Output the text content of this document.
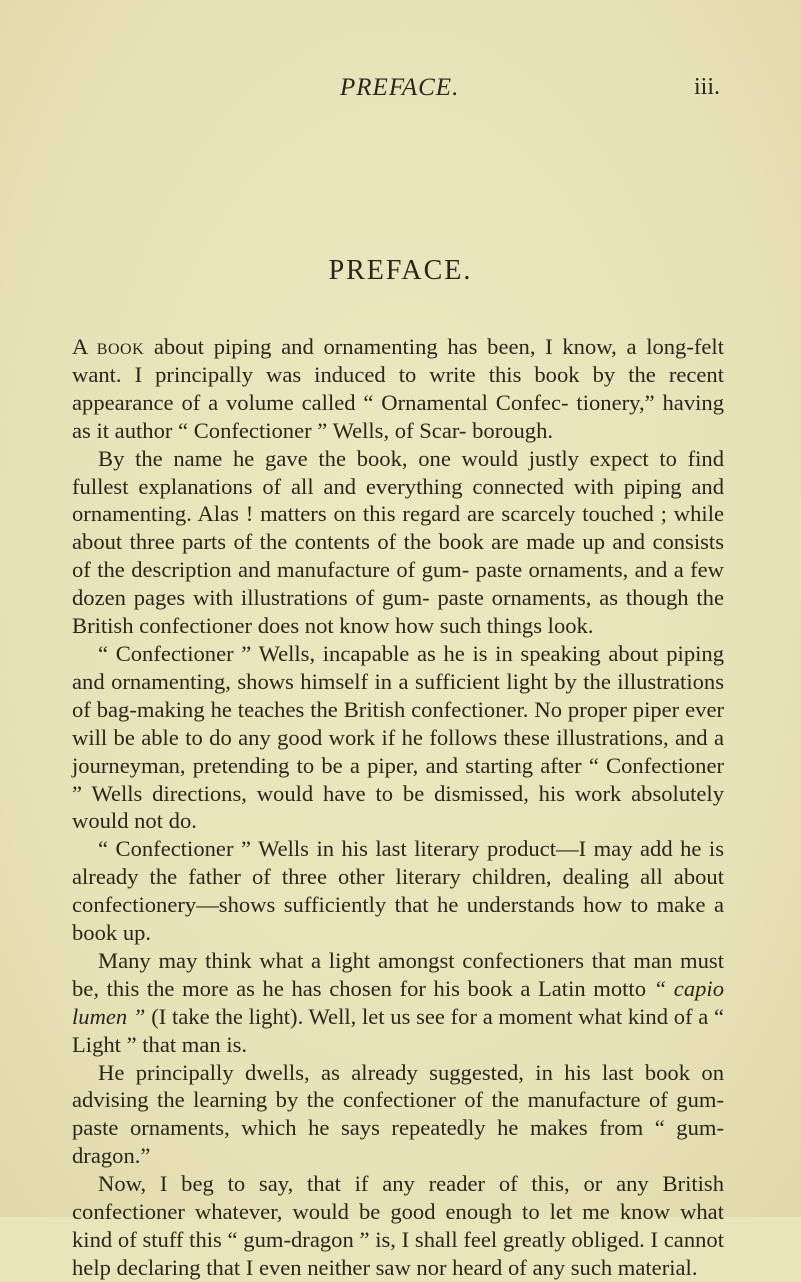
PREFACE.	iii.
PREFACE.

A book about piping and ornamenting has been, I know, a long-felt want. I principally was induced to write this book by the recent appearance of a volume called “ Ornamental Confec- tionery,” having as it author “ Confectioner ” Wells, of Scar- borough.

By the name he gave the book, one would justly expect to find fullest explanations of all and everything connected with piping and ornamenting. Alas ! matters on this regard are scarcely touched ; while about three parts of the contents of the book are made up and consists of the description and manufacture of gum- paste ornaments, and a few dozen pages with illustrations of gum- paste ornaments, as though the British confectioner does not know how such things look.

“ Confectioner ” Wells, incapable as he is in speaking about piping and ornamenting, shows himself in a sufficient light by the illustrations of bag-making he teaches the British confectioner. No proper piper ever will be able to do any good work if he follows these illustrations, and a journeyman, pretending to be a piper, and starting after “ Confectioner ” Wells directions, would have to be dismissed, his work absolutely would not do.

“ Confectioner ” Wells in his last literary product—I may add he is already the father of three other literary children, dealing all about confectionery—shows sufficiently that he understands how to make a book up.

Many may think what a light amongst confectioners that man must be, this the more as he has chosen for his book a Latin motto “ capio lumen ” (I take the light). Well, let us see for a moment what kind of a “ Light ” that man is.

He principally dwells, as already suggested, in his last book on advising the learning by the confectioner of the manufacture of gum-paste ornaments, which he says repeatedly he makes from “ gum-dragon.”

Now, I beg to say, that if any reader of this, or any British confectioner whatever, would be good enough to let me know what kind of stuff this “ gum-dragon ” is, I shall feel greatly obliged. I cannot help declaring that I even neither saw nor heard of any such material.
